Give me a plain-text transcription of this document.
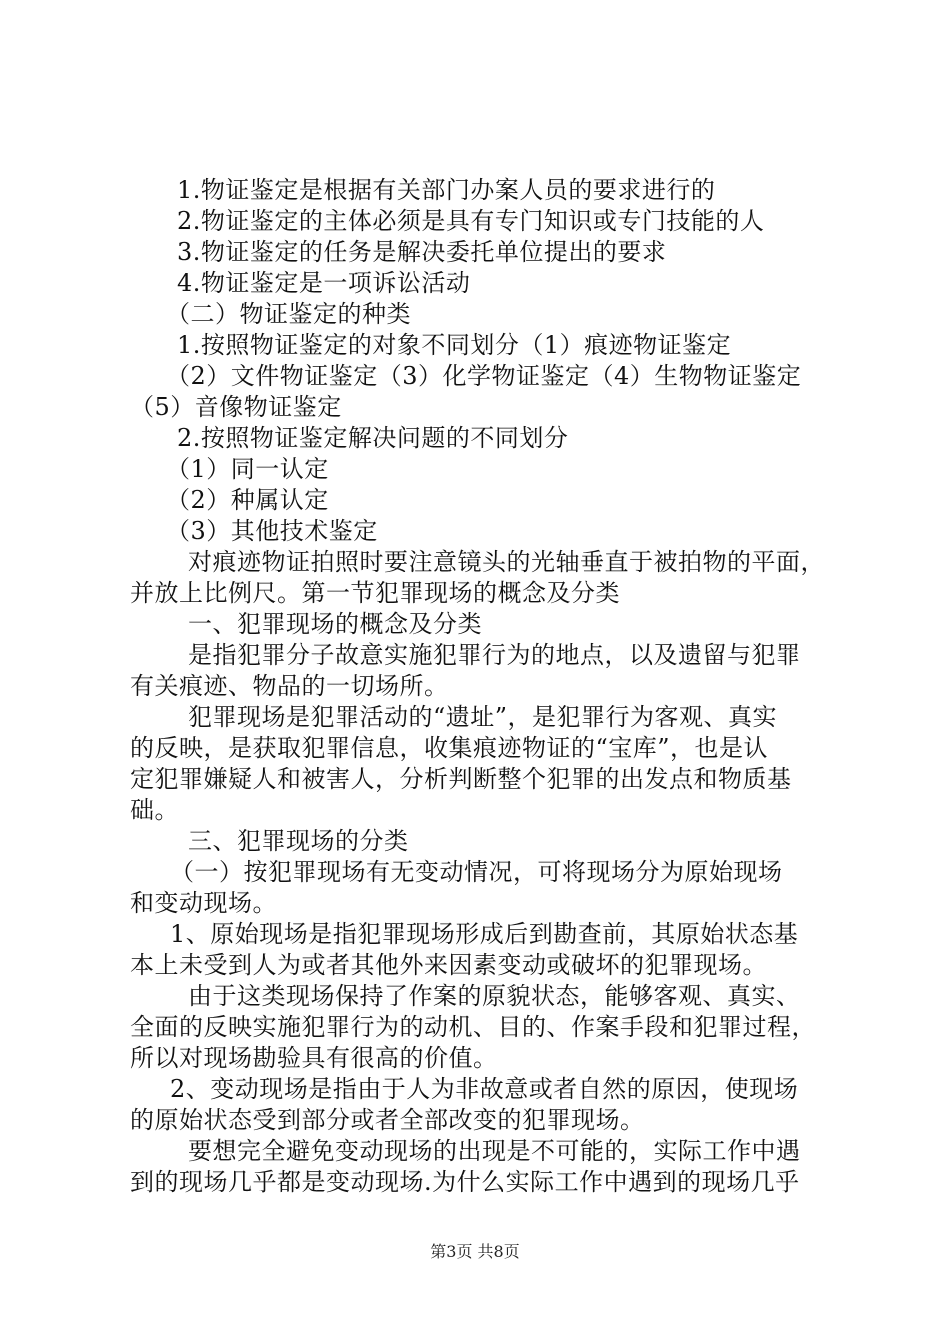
1.物证鉴定是根据有关部门办案人员的要求进行的
2.物证鉴定的主体必须是具有专门知识或专门技能的人
3.物证鉴定的任务是解决委托单位提出的要求
4.物证鉴定是一项诉讼活动
（二）物证鉴定的种类
1.按照物证鉴定的对象不同划分（1）痕迹物证鉴定
（2）文件物证鉴定（3）化学物证鉴定（4）生物物证鉴定
（5）音像物证鉴定
2.按照物证鉴定解决问题的不同划分
（1）同一认定
（2）种属认定
（3）其他技术鉴定
对痕迹物证拍照时要注意镜头的光轴垂直于被拍物的平面，
并放上比例尺。第一节犯罪现场的概念及分类
一、犯罪现场的概念及分类
是指犯罪分子故意实施犯罪行为的地点，以及遗留与犯罪
有关痕迹、物品的一切场所。
犯罪现场是犯罪活动的“遗址”，是犯罪行为客观、真实
的反映，是获取犯罪信息，收集痕迹物证的“宝库”，也是认
定犯罪嫌疑人和被害人，分析判断整个犯罪的出发点和物质基
础。
三、犯罪现场的分类
（一）按犯罪现场有无变动情况，可将现场分为原始现场
和变动现场。
1、原始现场是指犯罪现场形成后到勘查前，其原始状态基
本上未受到人为或者其他外来因素变动或破坏的犯罪现场。
由于这类现场保持了作案的原貌状态，能够客观、真实、
全面的反映实施犯罪行为的动机、目的、作案手段和犯罪过程，
所以对现场勘验具有很高的价值。
2、变动现场是指由于人为非故意或者自然的原因，使现场
的原始状态受到部分或者全部改变的犯罪现场。
要想完全避免变动现场的出现是不可能的，实际工作中遇
到的现场几乎都是变动现场.为什么实际工作中遇到的现场几乎
第3页 共8页
